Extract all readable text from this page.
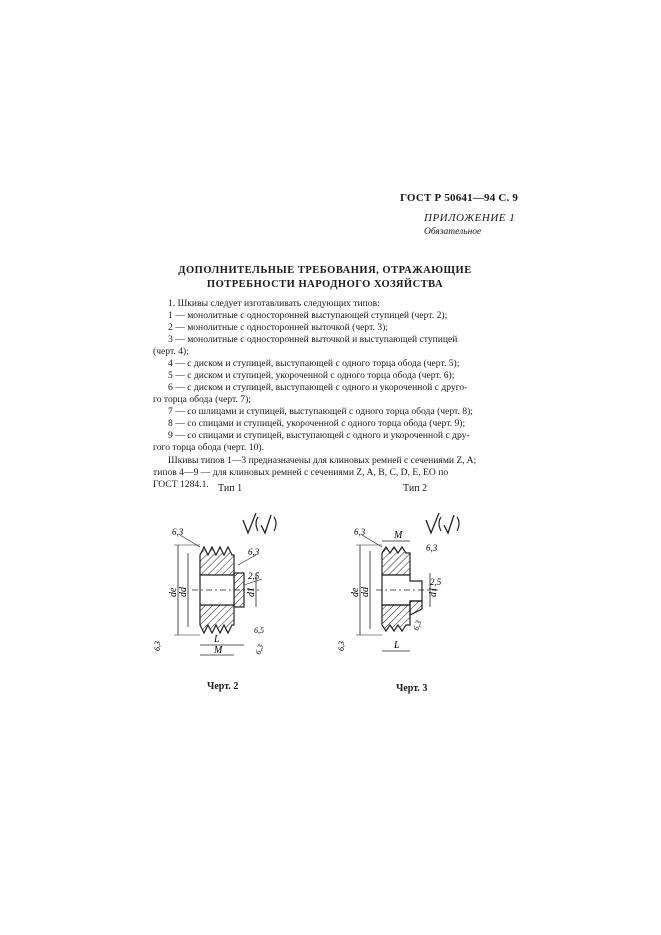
ГОСТ Р 50641—94 С. 9
ПРИЛОЖЕНИЕ 1
Обязательное
ДОПОЛНИТЕЛЬНЫЕ ТРЕБОВАНИЯ, ОТРАЖАЮЩИЕ
ПОТРЕБНОСТИ НАРОДНОГО ХОЗЯЙСТВА
1. Шкивы следует изготавливать следующих типов:
1 — монолитные с односторонней выступающей ступицей (черт. 2);
2 — монолитные с односторонней выточкой (черт. 3);
3 — монолитные с односторонней выточкой и выступающей ступицей
(черт. 4);
4 — с диском и ступицей, выступающей с одного торца обода (черт. 5);
5 — с диском и ступицей, укороченной с одного торца обода (черт. 6);
6 — с диском и ступицей, выступающей с одного и укороченной с друго-
го торца обода (черт. 7);
7 — со шлицами и ступицей, выступающей с одного торца обода (черт. 8);
8 — со спицами и ступицей, укороченной с одного торца обода (черт. 9);
9 — со спицами и ступицей, выступающей с одного и укороченной с дру-
гого торца обода (черт. 10).
Шкивы типов 1—3 предназначены для клиновых ремней с сечениями Z, A;
типов 4—9 — для клиновых ремней с сечениями Z, A, B, C, D, E, EO по
ГОСТ 1284.1. Тип 1	Тип 2
6,3
6,3
2,5
6,5
6,3	6,3
de dd	d1
L
M
6,3
6,3
2,5
6,3
6,3
de dd	d1
M
L
Черт. 2	Черт. 3
